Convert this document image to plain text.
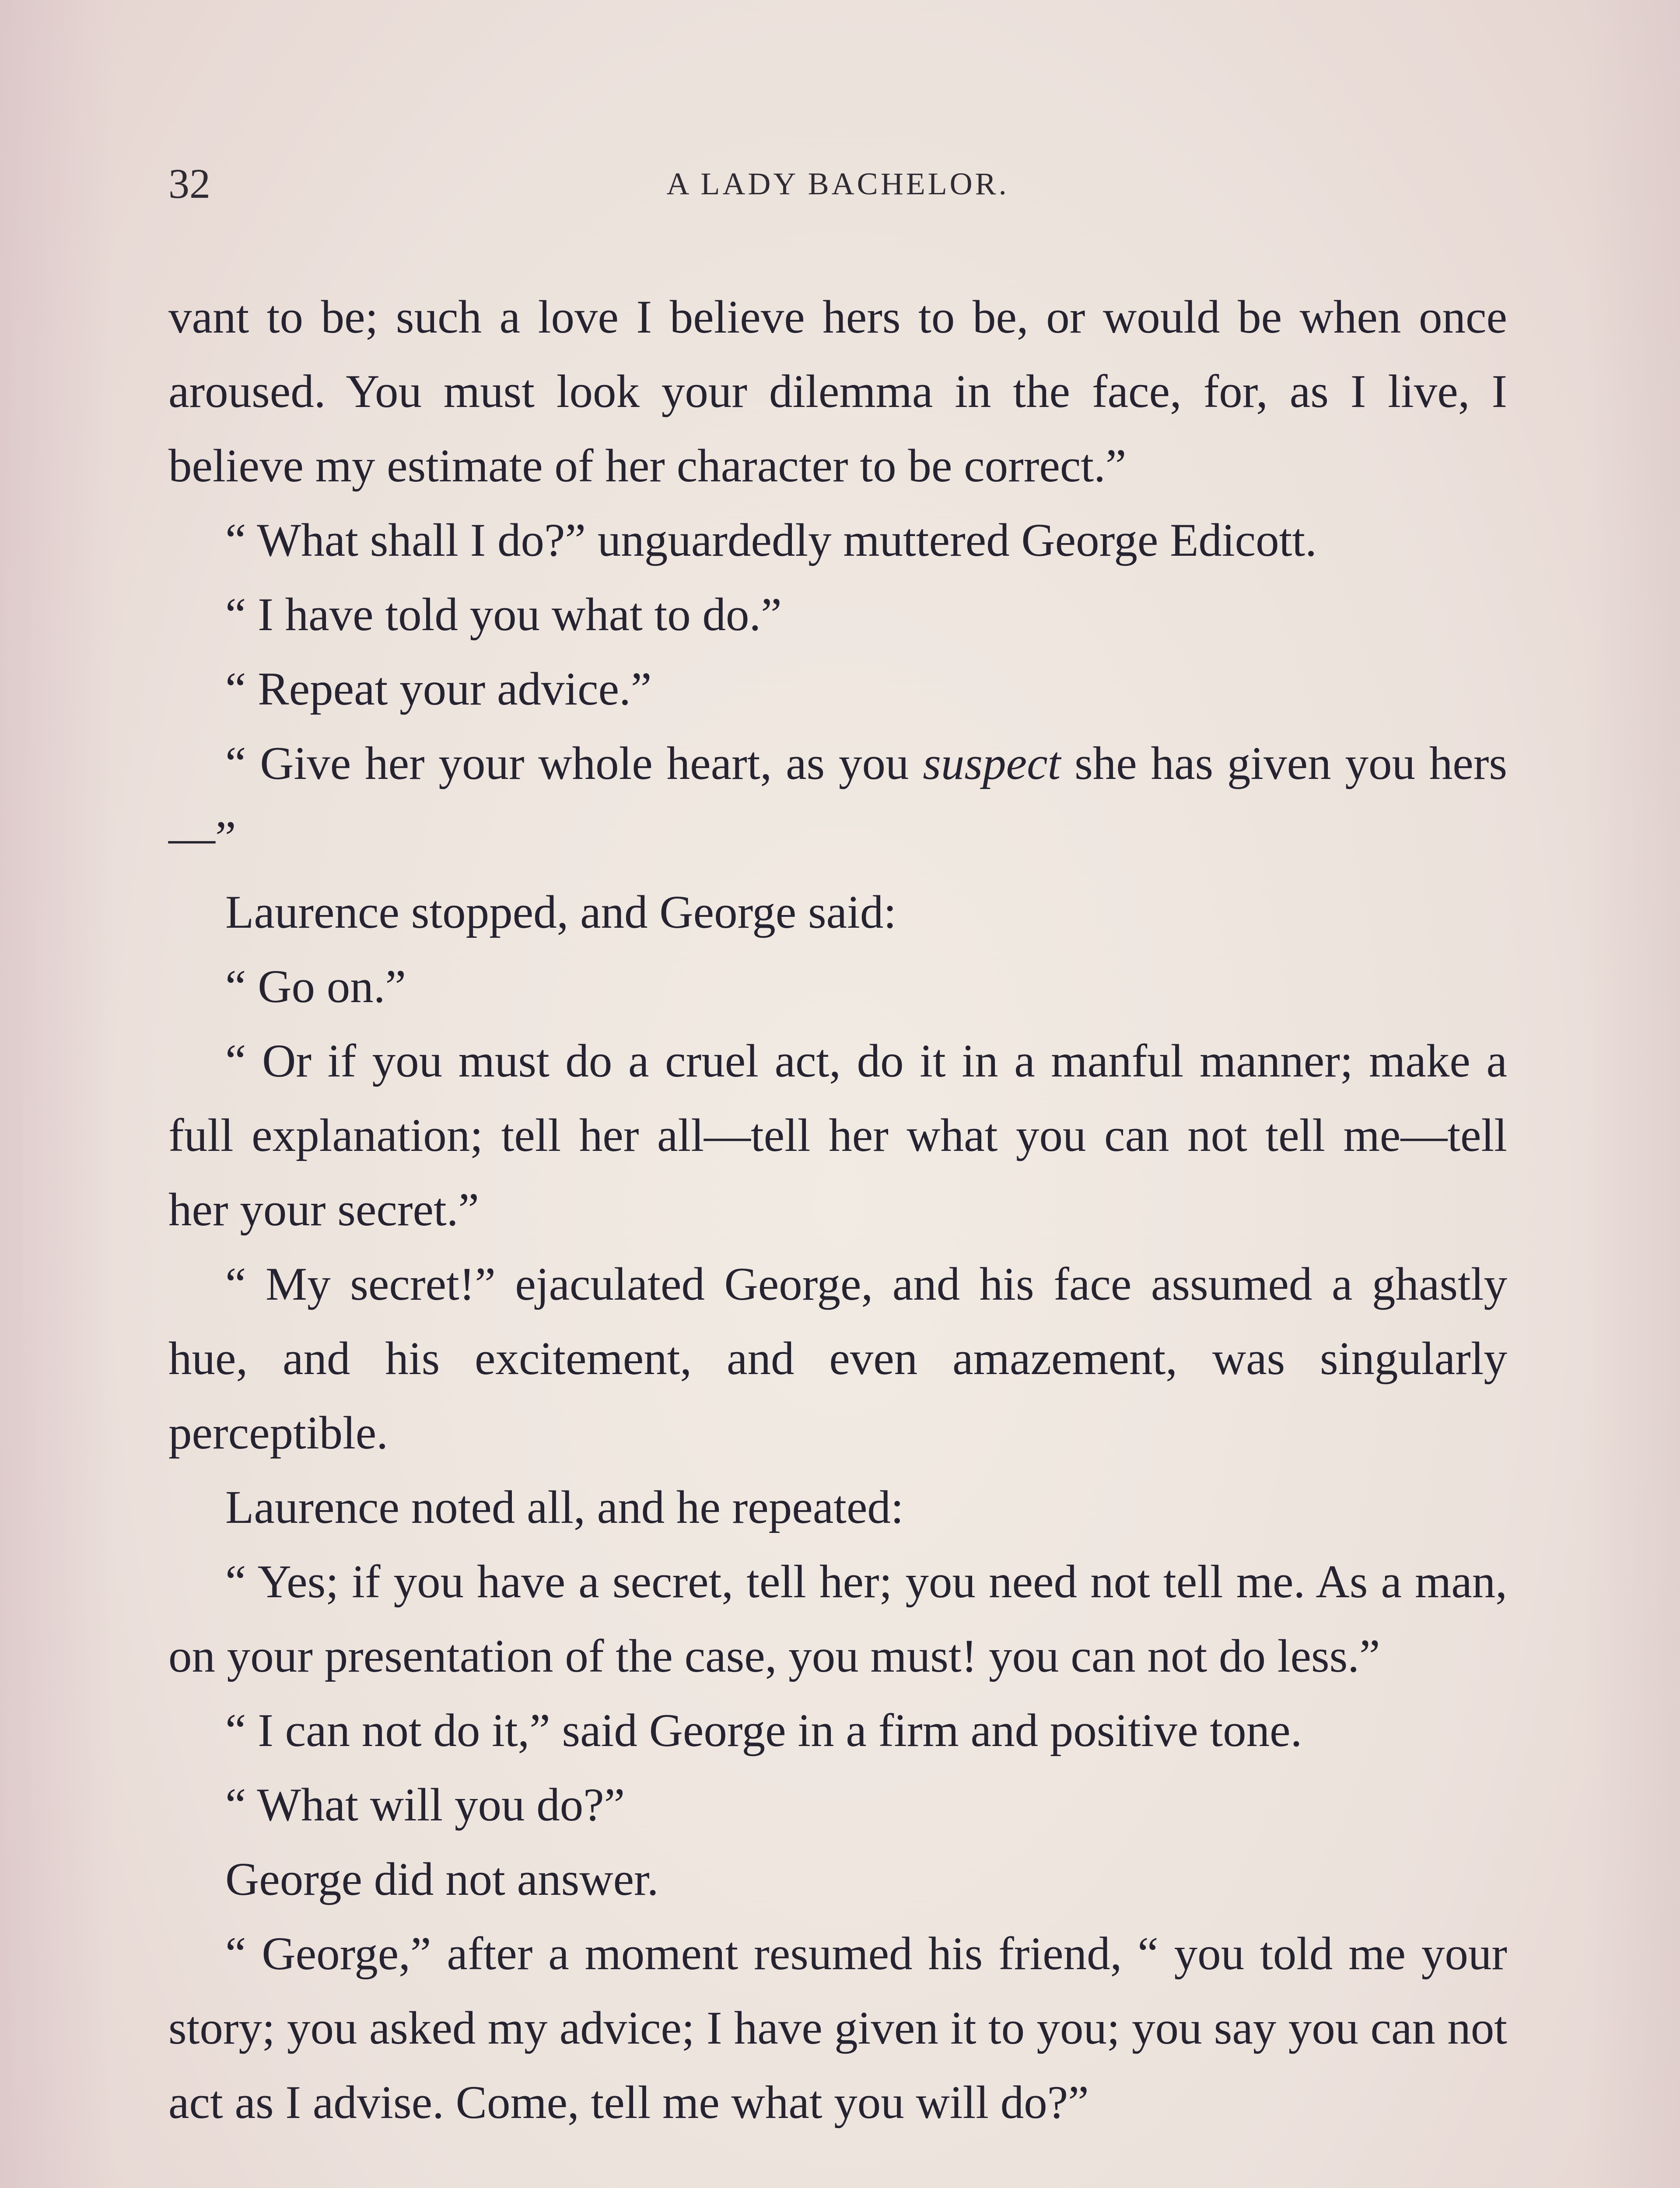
32	A LADY BACHELOR.

vant to be; such a love I believe hers to be, or would be when once aroused. You must look your dilemma in the face, for, as I live, I believe my estimate of her character to be correct.”

“ What shall I do?” unguardedly muttered George Edicott.

“ I have told you what to do.”

“ Repeat your advice.”

“ Give her your whole heart, as you suspect she has given you hers—”

Laurence stopped, and George said:

“ Go on.”

“ Or if you must do a cruel act, do it in a manful manner; make a full explanation; tell her all—tell her what you can not tell me—tell her your secret.”

“ My secret!” ejaculated George, and his face assumed a ghastly hue, and his excitement, and even amazement, was singularly perceptible.

Laurence noted all, and he repeated:

“ Yes; if you have a secret, tell her; you need not tell me. As a man, on your presentation of the case, you must! you can not do less.”

“ I can not do it,” said George in a firm and positive tone.

“ What will you do?”

George did not answer.

“ George,” after a moment resumed his friend, “ you told me your story; you asked my advice; I have given it to you; you say you can not act as I advise. Come, tell me what you will do?”
